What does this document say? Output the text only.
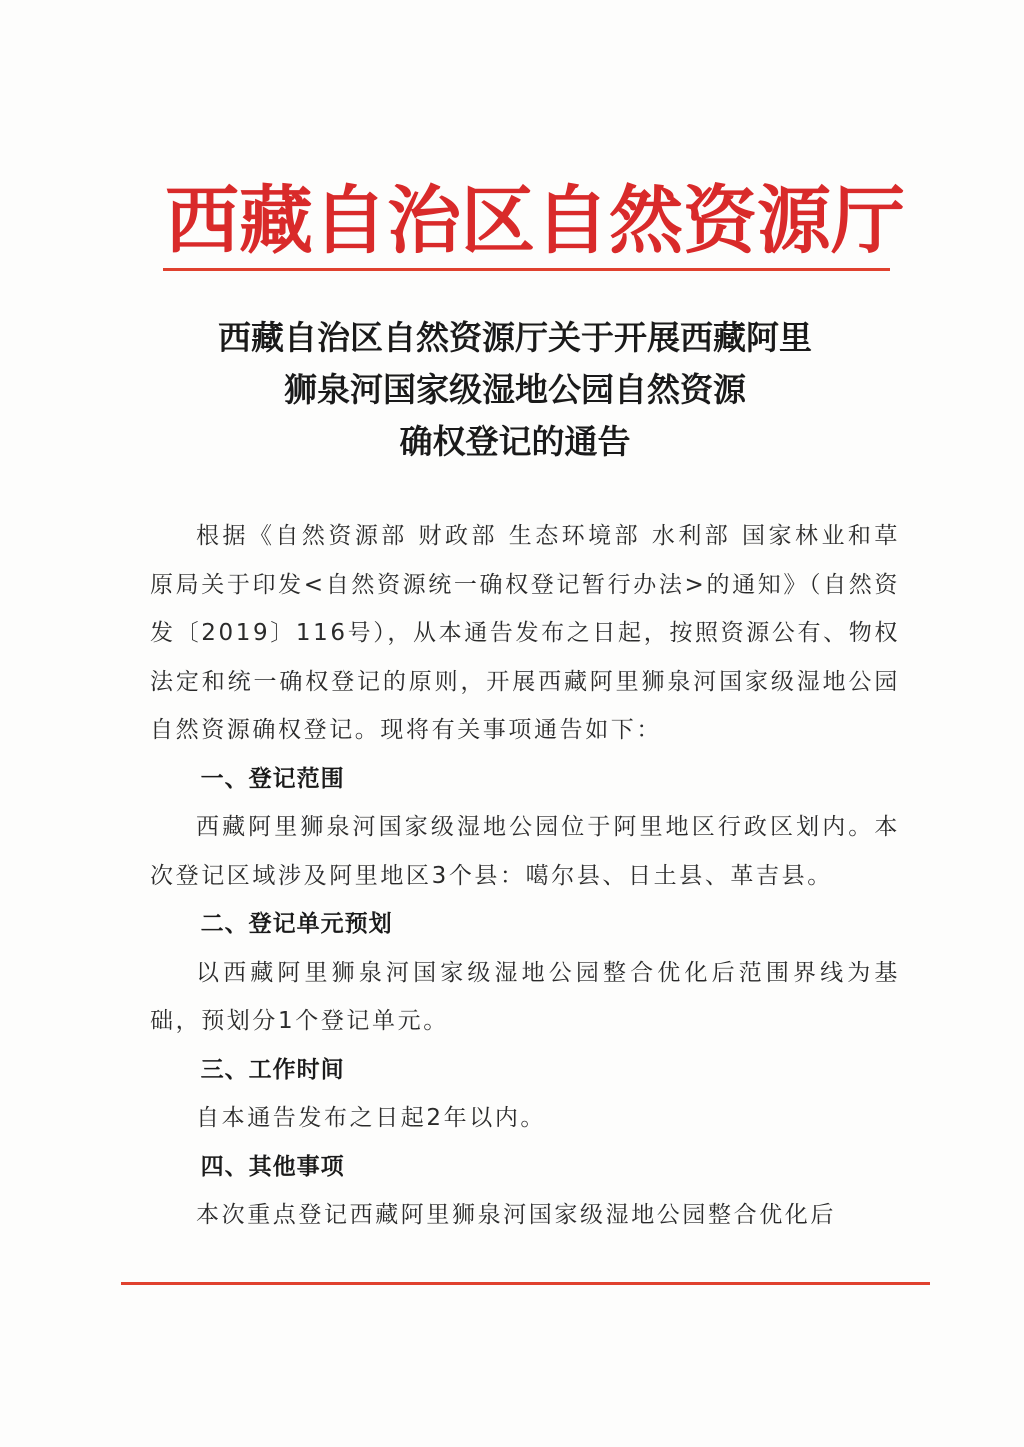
西藏自治区自然资源厅
西藏自治区自然资源厅关于开展西藏阿里
狮泉河国家级湿地公园自然资源
确权登记的通告

根据《自然资源部 财政部 生态环境部 水利部 国家林业和草原局关于印发<自然资源统一确权登记暂行办法>的通知》（自然资发〔2019〕116号），从本通告发布之日起，按照资源公有、物权法定和统一确权登记的原则，开展西藏阿里狮泉河国家级湿地公园自然资源确权登记。现将有关事项通告如下：

一、登记范围

西藏阿里狮泉河国家级湿地公园位于阿里地区行政区划内。本次登记区域涉及阿里地区3个县：噶尔县、日土县、革吉县。

二、登记单元预划

以西藏阿里狮泉河国家级湿地公园整合优化后范围界线为基础，预划分1个登记单元。

三、工作时间

自本通告发布之日起2年以内。

四、其他事项

本次重点登记西藏阿里狮泉河国家级湿地公园整合优化后
